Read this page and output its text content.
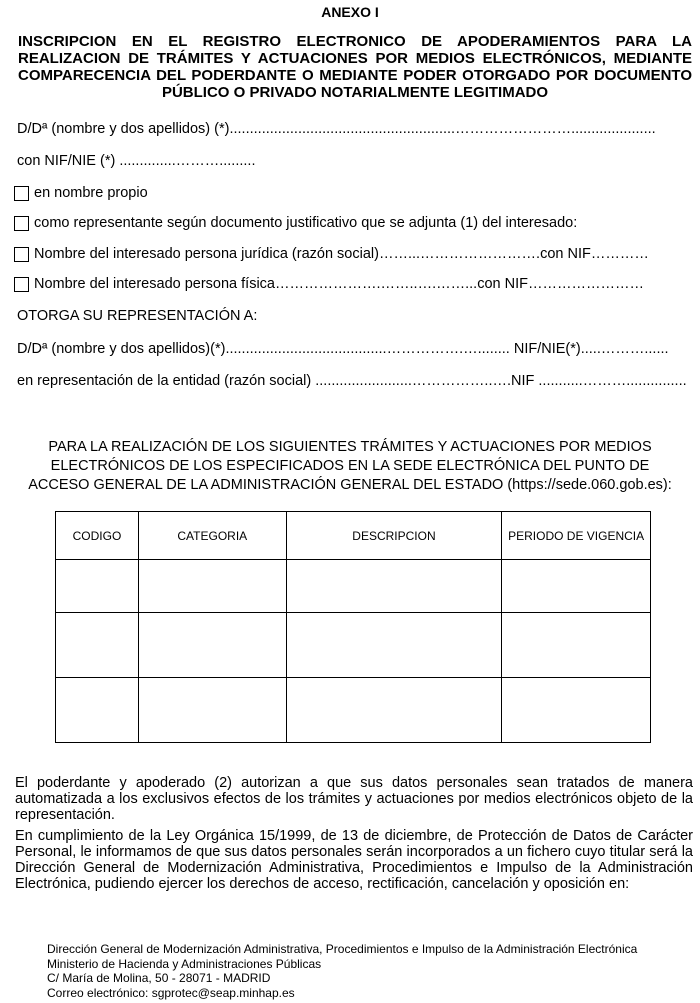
ANEXO I
INSCRIPCION EN EL REGISTRO ELECTRONICO DE APODERAMIENTOS PARA LA REALIZACION DE TRÁMITES Y ACTUACIONES POR MEDIOS ELECTRÓNICOS, MEDIANTE COMPARECENCIA DEL PODERDANTE O MEDIANTE PODER OTORGADO POR DOCUMENTO PÚBLICO O PRIVADO NOTARIALMENTE LEGITIMADO
D/Dª (nombre y dos apellidos) (*)........................................................…………………….....................
con NIF/NIE (*) ..............……….........
en nombre propio
como representante según documento justificativo que se adjunta (1) del interesado:
Nombre del interesado persona jurídica (razón social)……...…………………….con NIF…………
Nombre del interesado persona física………………….……..….……...con NIF……………………
OTORGA SU REPRESENTACIÓN A:
D/Dª (nombre y dos apellidos)(*)........................................…………….…........ NIF/NIE(*).....………......
en representación de la entidad (razón social) ........................……………..….NIF ...........………...............
PARA LA REALIZACIÓN DE LOS SIGUIENTES TRÁMITES Y ACTUACIONES POR MEDIOS ELECTRÓNICOS DE LOS ESPECIFICADOS EN LA SEDE ELECTRÓNICA DEL PUNTO DE ACCESO GENERAL DE LA ADMINISTRACIÓN GENERAL DEL ESTADO (https://sede.060.gob.es):
CODIGO	CATEGORIA	DESCRIPCION	PERIODO DE VIGENCIA

El poderdante y apoderado (2) autorizan a que sus datos personales sean tratados de manera automatizada a los exclusivos efectos de los trámites y actuaciones por medios electrónicos objeto de la representación.
En cumplimiento de la Ley Orgánica 15/1999, de 13 de diciembre, de Protección de Datos de Carácter Personal, le informamos de que sus datos personales serán incorporados a un fichero cuyo titular será la Dirección General de Modernización Administrativa, Procedimientos e Impulso de la Administración Electrónica, pudiendo ejercer los derechos de acceso, rectificación, cancelación y oposición en:
Dirección General de Modernización Administrativa, Procedimientos e Impulso de la Administración Electrónica
Ministerio de Hacienda y Administraciones Públicas
C/ María de Molina, 50 - 28071 - MADRID
Correo electrónico: sgprotec@seap.minhap.es
